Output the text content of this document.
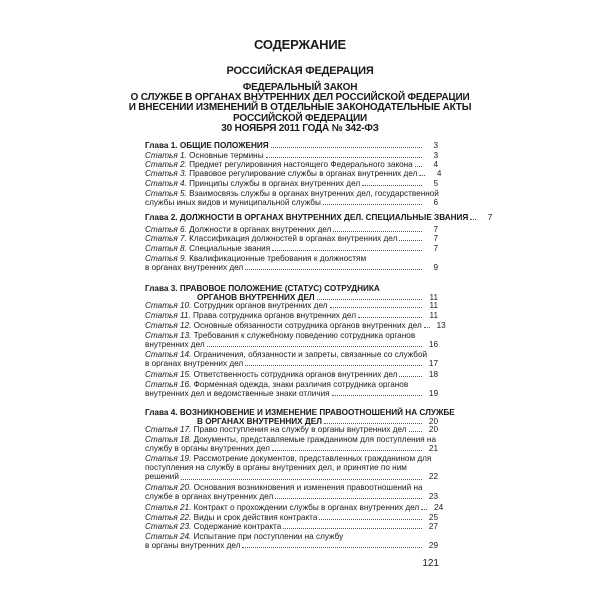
СОДЕРЖАНИЕ
РОССИЙСКАЯ ФЕДЕРАЦИЯ
ФЕДЕРАЛЬНЫЙ ЗАКОН
О СЛУЖБЕ В ОРГАНАХ ВНУТРЕННИХ ДЕЛ РОССИЙСКОЙ ФЕДЕРАЦИИ
И ВНЕСЕНИИ ИЗМЕНЕНИЙ В ОТДЕЛЬНЫЕ ЗАКОНОДАТЕЛЬНЫЕ АКТЫ
РОССИЙСКОЙ ФЕДЕРАЦИИ
30 НОЯБРЯ 2011 ГОДА № 342-ФЗ
Глава 1. ОБЩИЕ ПОЛОЖЕНИЯ	3
Статья 1. Основные термины	3
Статья 2. Предмет регулирования настоящего Федерального закона	4
Статья 3. Правовое регулирование службы в органах внутренних дел	4
Статья 4. Принципы службы в органах внутренних дел	5
Статья 5. Взаимосвязь службы в органах внутренних дел, государственной
службы иных видов и муниципальной службы	6
Глава 2. ДОЛЖНОСТИ В ОРГАНАХ ВНУТРЕННИХ ДЕЛ. СПЕЦИАЛЬНЫЕ ЗВАНИЯ	7
Статья 6. Должности в органах внутренних дел	7
Статья 7. Классификация должностей в органах внутренних дел	7
Статья 8. Специальные звания	7
Статья 9. Квалификационные требования к должностям
в органах внутренних дел	9
Глава 3. ПРАВОВОЕ ПОЛОЖЕНИЕ (СТАТУС) СОТРУДНИКА
ОРГАНОВ ВНУТРЕННИХ ДЕЛ	11
Статья 10. Сотрудник органов внутренних дел	11
Статья 11. Права сотрудника органов внутренних дел	11
Статья 12. Основные обязанности сотрудника органов внутренних дел	13
Статья 13. Требования к служебному поведению сотрудника органов
внутренних дел	16
Статья 14. Ограничения, обязанности и запреты, связанные со службой
в органах внутренних дел	17
Статья 15. Ответственность сотрудника органов внутренних дел	18
Статья 16. Форменная одежда, знаки различия сотрудника органов
внутренних дел и ведомственные знаки отличия	19
Глава 4. ВОЗНИКНОВЕНИЕ И ИЗМЕНЕНИЕ ПРАВООТНОШЕНИЙ НА СЛУЖБЕ
В ОРГАНАХ ВНУТРЕННИХ ДЕЛ	20
Статья 17. Право поступления на службу в органы внутренних дел	20
Статья 18. Документы, представляемые гражданином для поступления на
службу в органы внутренних дел	21
Статья 19. Рассмотрение документов, представленных гражданином для
поступления на службу в органы внутренних дел, и принятие по ним
решений	22
Статья 20. Основания возникновения и изменения правоотношений на
службе в органах внутренних дел	23
Статья 21. Контракт о прохождении службы в органах внутренних дел	24
Статья 22. Виды и срок действия контракта	25
Статья 23. Содержание контракта	27
Статья 24. Испытание при поступлении на службу
в органы внутренних дел	29
121
